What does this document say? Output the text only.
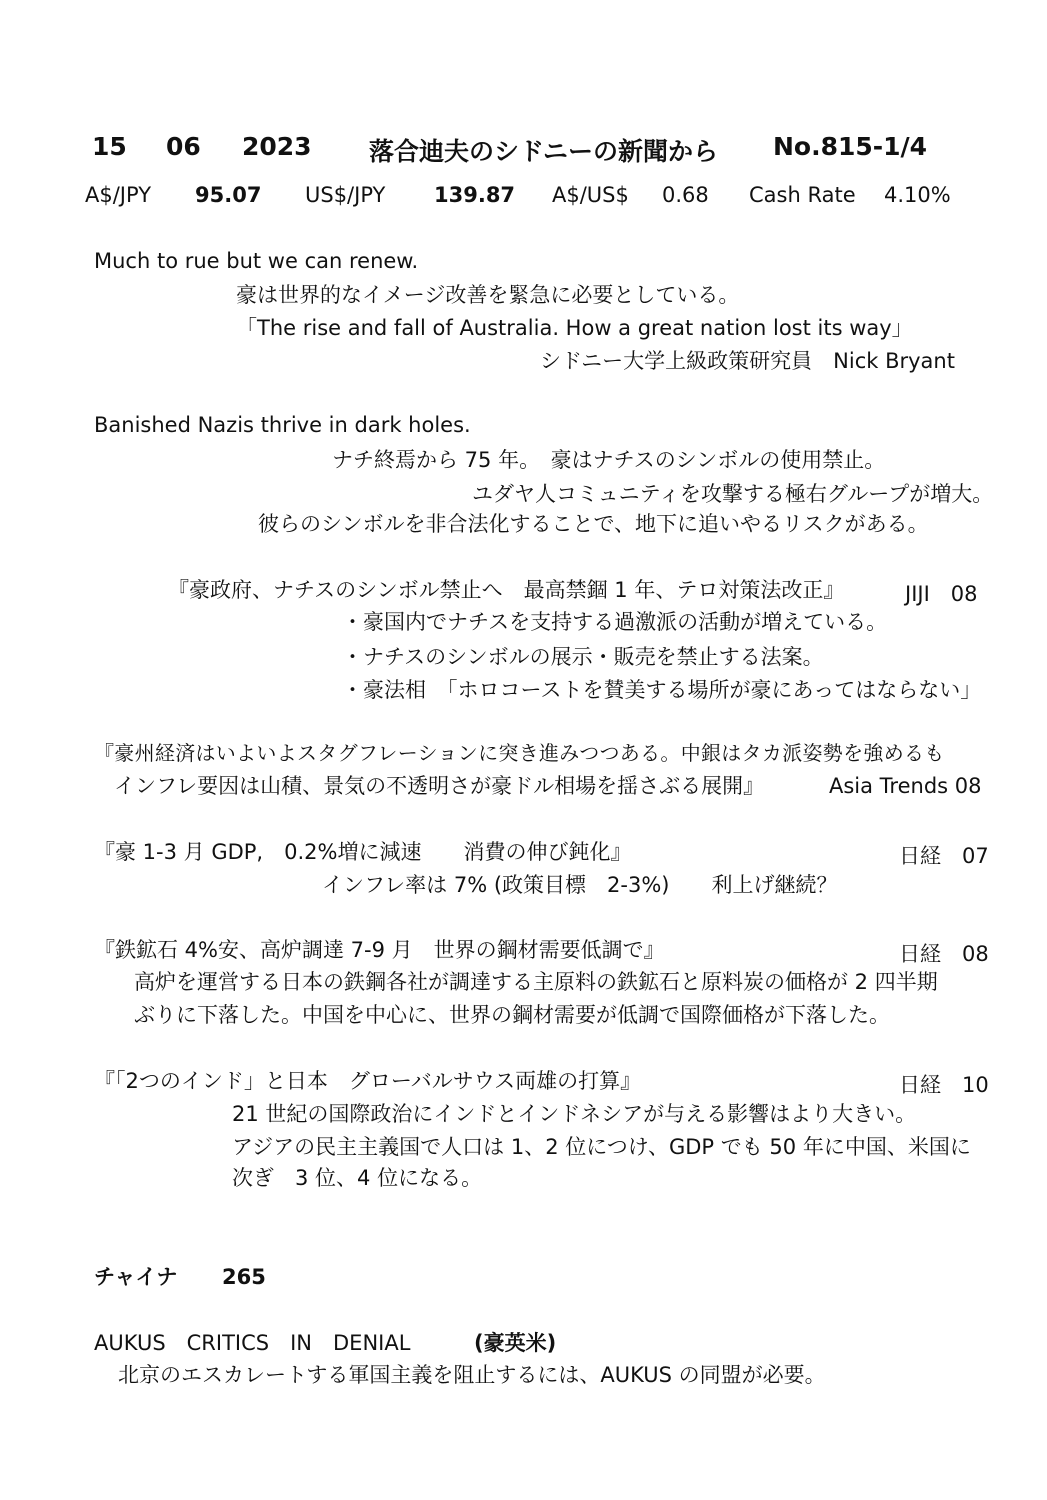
15 06 2023 落合迪夫のシドニーの新聞から No.815-1/4
A$/JPY 95.07 US$/JPY 139.87 A$/US$ 0.68 Cash Rate 4.10%
Much to rue but we can renew.
豪は世界的なイメージ改善を緊急に必要としている。
「The rise and fall of Australia. How a great nation lost its way」
シドニー大学上級政策研究員　Nick Bryant
Banished Nazis thrive in dark holes.
ナチ終焉から 75 年。　豪はナチスのシンボルの使用禁止。
ユダヤ人コミュニティを攻撃する極右グループが増大。
彼らのシンボルを非合法化することで、地下に追いやるリスクがある。
『豪政府、ナチスのシンボル禁止へ　最高禁錮 1 年、テロ対策法改正』	JIJI　08
・豪国内でナチスを支持する過激派の活動が増えている。
・ナチスのシンボルの展示・販売を禁止する法案。
・豪法相　「ホロコーストを賛美する場所が豪にあってはならない」
『豪州経済はいよいよスタグフレーションに突き進みつつある。中銀はタカ派姿勢を強めるも
インフレ要因は山積、景気の不透明さが豪ドル相場を揺さぶる展開』	Asia Trends 08
『豪 1-3 月 GDP,　0.2%増に減速　　消費の伸び鈍化』	日経　07
インフレ率は 7% (政策目標　2-3%)　　利上げ継続？
『鉄鉱石 4%安、高炉調達 7-9 月　世界の鋼材需要低調で』	日経　08
高炉を運営する日本の鉄鋼各社が調達する主原料の鉄鉱石と原料炭の価格が 2 四半期
ぶりに下落した。中国を中心に、世界の鋼材需要が低調で国際価格が下落した。
『「2つのインド」と日本　グローバルサウス両雄の打算』	日経　10
21 世紀の国際政治にインドとインドネシアが与える影響はより大きい。
アジアの民主主義国で人口は 1、2 位につけ、GDP でも 50 年に中国、米国に
次ぎ　3 位、4 位になる。
チャイナ 265
AUKUS　CRITICS　IN　DENIAL	(豪英米)
北京のエスカレートする軍国主義を阻止するには、AUKUS の同盟が必要。
